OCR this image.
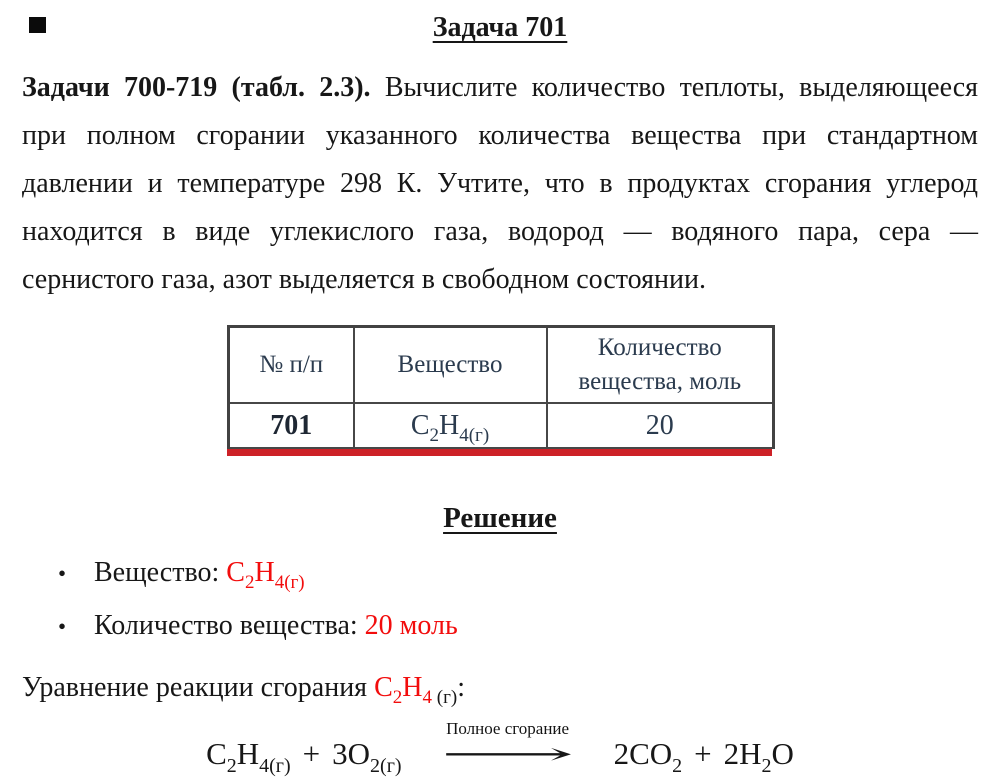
Задача 701
Задачи 700-719 (табл. 2.3). Вычислите количество теплоты, выделяющееся
при полном сгорании указанного количества вещества при стандартном
давлении и температуре 298 К. Учтите, что в продуктах сгорания углерод
находится в виде углекислого газа, водород — водяного пара, сера —
сернистого газа, азот выделяется в свободном состоянии.
№ п/п	Вещество	Количество вещества, моль
701	$C_2H_{4(г)}$	20
Решение
• Вещество: $C_2H_{4(г)}$
• Количество вещества: 20 моль
Уравнение реакции сгорания $C_2H_4$ $_{(г)}$:
$C_2H_{4(г)} + 3O_{2(г)}$
Полное сгорание
⟶ $2CO_2 + 2H_2O$
